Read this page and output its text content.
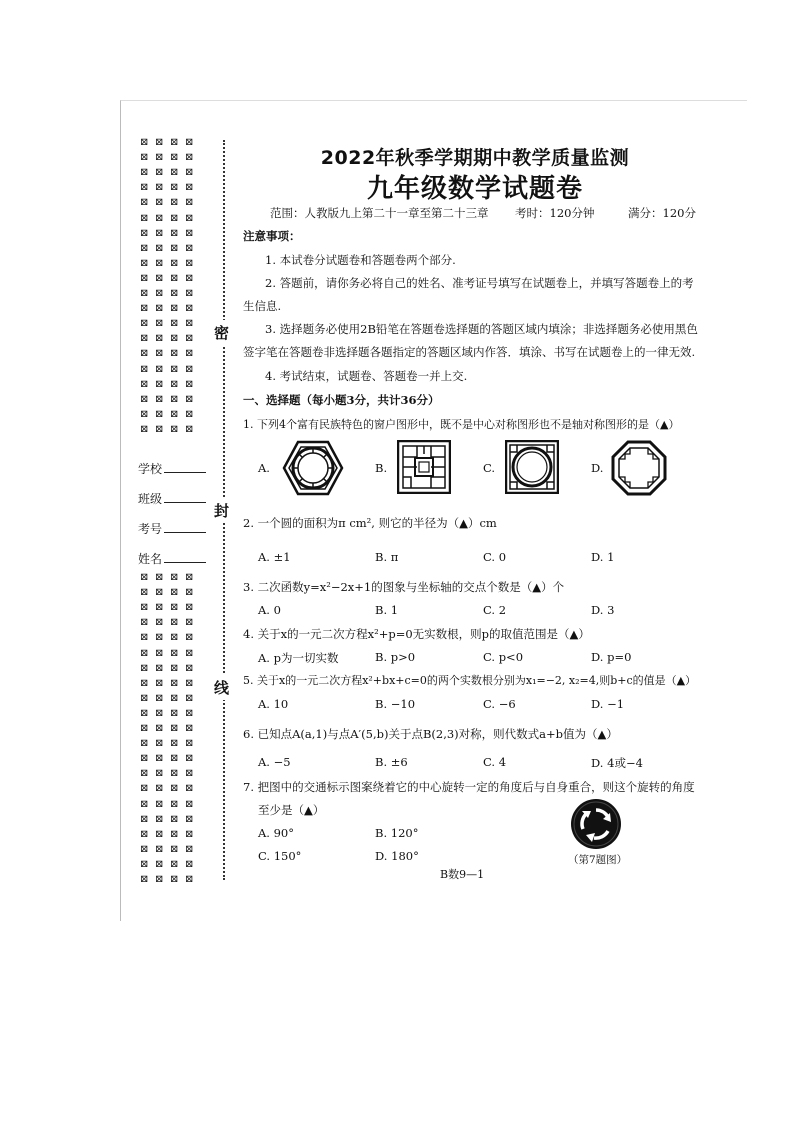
密
封
线
学校
班级
考号
姓名
2022年秋季学期期中教学质量监测
九年级数学试题卷
范围：人教版九上第二十一章至第二十三章 考时：120分钟	满分：120分
注意事项：
1. 本试卷分试题卷和答题卷两个部分.
2. 答题前，请你务必将自己的姓名、准考证号填写在试题卷上，并填写答题卷上的考
生信息.
3. 选择题务必使用2B铅笔在答题卷选择题的答题区域内填涂；非选择题务必使用黑色
签字笔在答题卷非选择题各题指定的答题区域内作答．填涂、书写在试题卷上的一律无效.
4. 考试结束，试题卷、答题卷一并上交.
一、选择题（每小题3分，共计36分）
1. 下列4个富有民族特色的窗户图形中，既不是中心对称图形也不是轴对称图形的是（▲）
A.	B.	C.	D.
2. 一个圆的面积为π cm², 则它的半径为（▲）cm
A. ±1	B. π	C. 0	D. 1
3. 二次函数y=x²−2x+1的图象与坐标轴的交点个数是（▲）个
A. 0	B. 1	C. 2	D. 3
4. 关于x的一元二次方程x²+p=0无实数根，则p的取值范围是（▲）
A. p为一切实数	B. p>0	C. p<0	D. p=0
5. 关于x的一元二次方程x²+bx+c=0的两个实数根分别为x₁=−2, x₂=4,则b+c的值是（▲）
A. 10	B. −10	C. −6	D. −1
6. 已知点A(a,1)与点A′(5,b)关于点B(2,3)对称，则代数式a+b值为（▲）
A. −5	B. ±6	C. 4	D. 4或−4
7. 把图中的交通标示图案绕着它的中心旋转一定的角度后与自身重合，则这个旋转的角度
至少是（▲）
A. 90°	B. 120°
C. 150°	D. 180°	（第7题图）
B数9—1
⊠ ⊠ ⊠ ⊠
⊠ ⊠ ⊠ ⊠
⊠ ⊠ ⊠ ⊠
⊠ ⊠ ⊠ ⊠
⊠ ⊠ ⊠ ⊠
⊠ ⊠ ⊠ ⊠
⊠ ⊠ ⊠ ⊠
⊠ ⊠ ⊠ ⊠
⊠ ⊠ ⊠ ⊠
⊠ ⊠ ⊠ ⊠
⊠ ⊠ ⊠ ⊠
⊠ ⊠ ⊠ ⊠
⊠ ⊠ ⊠ ⊠
⊠ ⊠ ⊠ ⊠
⊠ ⊠ ⊠ ⊠
⊠ ⊠ ⊠ ⊠
⊠ ⊠ ⊠ ⊠
⊠ ⊠ ⊠ ⊠
⊠ ⊠ ⊠ ⊠
⊠ ⊠ ⊠ ⊠
⊠ ⊠ ⊠ ⊠
⊠ ⊠ ⊠ ⊠
⊠ ⊠ ⊠ ⊠
⊠ ⊠ ⊠ ⊠
⊠ ⊠ ⊠ ⊠
⊠ ⊠ ⊠ ⊠
⊠ ⊠ ⊠ ⊠
⊠ ⊠ ⊠ ⊠
⊠ ⊠ ⊠ ⊠
⊠ ⊠ ⊠ ⊠
⊠ ⊠ ⊠ ⊠
⊠ ⊠ ⊠ ⊠
⊠ ⊠ ⊠ ⊠
⊠ ⊠ ⊠ ⊠
⊠ ⊠ ⊠ ⊠
⊠ ⊠ ⊠ ⊠
⊠ ⊠ ⊠ ⊠
⊠ ⊠ ⊠ ⊠
⊠ ⊠ ⊠ ⊠
⊠ ⊠ ⊠ ⊠
⊠ ⊠ ⊠ ⊠
